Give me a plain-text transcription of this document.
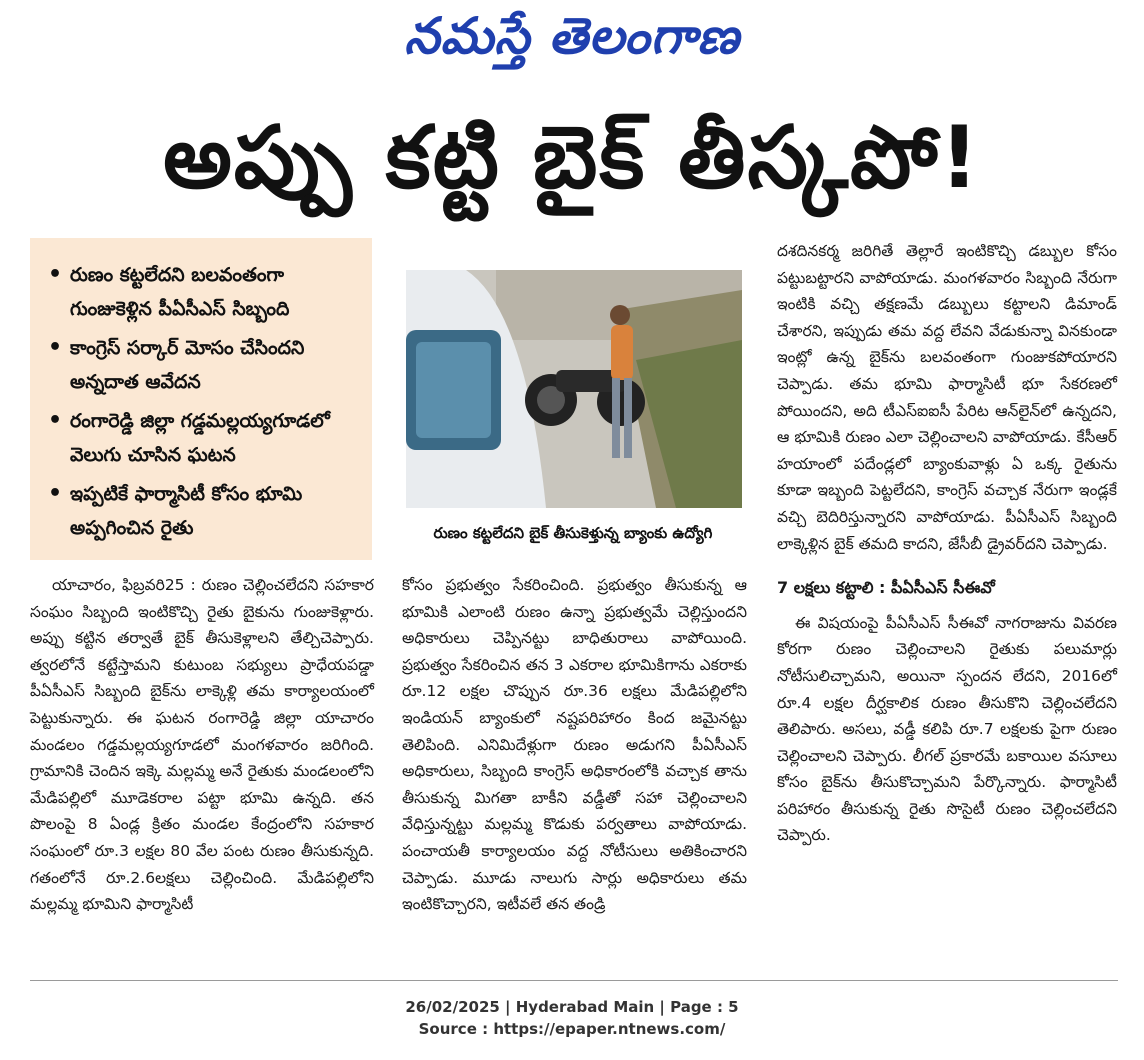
నమస్తే తెలంగాణ
అప్పు కట్టి బైక్ తీస్కపో!
• రుణం కట్టలేదని బలవంతంగా గుంజుకెళ్లిన పీఏసీఎస్ సిబ్బంది
• కాంగ్రెస్ సర్కార్ మోసం చేసిందని అన్నదాత ఆవేదన
• రంగారెడ్డి జిల్లా గడ్డమల్లయ్యగూడలో వెలుగు చూసిన ఘటన
• ఇప్పటికే ఫార్మాసిటీ కోసం భూమి అప్పగించిన రైతు	రుణం కట్టలేదని బైక్ తీసుకెళ్తున్న బ్యాంకు ఉద్యోగి

యాచారం, ఫిబ్రవరి25 : రుణం చెల్లించలేదని సహకార సంఘం సిబ్బంది ఇంటికొచ్చి రైతు బైకును గుంజుకెళ్లారు. అప్పు కట్టిన తర్వాతే బైక్ తీసుకెళ్లాలని తేల్చిచెప్పారు. త్వరలోనే కట్టేస్తామని కుటుంబ సభ్యులు ప్రాధేయపడ్డా పీఏసీఎస్ సిబ్బంది బైక్‌ను లాక్కెళ్లి తమ కార్యాలయంలో పెట్టుకున్నారు. ఈ ఘటన రంగారెడ్డి జిల్లా యాచారం మండలం గడ్డమల్లయ్యగూడలో మంగళవారం జరిగింది. గ్రామానికి చెందిన ఇక్కె మల్లమ్మ అనే రైతుకు మండలంలోని మేడిపల్లిలో మూడెకరాల పట్టా భూమి ఉన్నది. తన పొలంపై 8 ఏండ్ల క్రితం మండల కేంద్రంలోని సహకార సంఘంలో రూ.3 లక్షల 80 వేల పంట రుణం తీసుకున్నది. గతంలోనే రూ.2.6లక్షలు చెల్లించింది. మేడిపల్లిలోని మల్లమ్మ భూమిని ఫార్మాసిటీ

కోసం ప్రభుత్వం సేకరించింది. ప్రభుత్వం తీసుకున్న ఆ భూమికి ఎలాంటి రుణం ఉన్నా ప్రభుత్వమే చెల్లిస్తుందని అధికారులు చెప్పినట్టు బాధితురాలు వాపోయింది. ప్రభుత్వం సేకరించిన తన 3 ఎకరాల భూమికిగాను ఎకరాకు రూ.12 లక్షల చొప్పున రూ.36 లక్షలు మేడిపల్లిలోని ఇండియన్ బ్యాంకులో నష్టపరిహారం కింద జమైనట్టు తెలిపింది. ఎనిమిదేళ్లుగా రుణం అడుగని పీఏసీఎస్ అధికారులు, సిబ్బంది కాంగ్రెస్ అధికారంలోకి వచ్చాక తాను తీసుకున్న మిగతా బాకీని వడ్డీతో సహా చెల్లించాలని వేధిస్తున్నట్టు మల్లమ్మ కొడుకు పర్వతాలు వాపోయాడు. పంచాయతీ కార్యాలయం వద్ద నోటీసులు అతికించారని చెప్పాడు. మూడు నాలుగు సార్లు అధికారులు తమ ఇంటికొచ్చారని, ఇటీవలే తన తండ్రి

దశదినకర్మ జరిగితే తెల్లారే ఇంటికొచ్చి డబ్బుల కోసం పట్టుబట్టారని వాపోయాడు. మంగళవారం సిబ్బంది నేరుగా ఇంటికి వచ్చి తక్షణమే డబ్బులు కట్టాలని డిమాండ్ చేశారని, ఇప్పుడు తమ వద్ద లేవని వేడుకున్నా వినకుండా ఇంట్లో ఉన్న బైక్‌ను బలవంతంగా గుంజుకపోయారని చెప్పాడు. తమ భూమి ఫార్మాసిటీ భూ సేకరణలో పోయిందని, అది టీఎస్ఐఐసీ పేరిట ఆన్‌లైన్‌లో ఉన్నదని, ఆ భూమికి రుణం ఎలా చెల్లించాలని వాపోయాడు. కేసీఆర్ హయాంలో పదేండ్లలో బ్యాంకువాళ్లు ఏ ఒక్క రైతును కూడా ఇబ్బంది పెట్టలేదని, కాంగ్రెస్ వచ్చాక నేరుగా ఇండ్లకే వచ్చి బెదిరిస్తున్నారని వాపోయాడు. పీఏసీఎస్ సిబ్బంది లాక్కెళ్లిన బైక్ తమది కాదని, జేసీబీ డ్రైవర్‌దని చెప్పాడు.

7 లక్షలు కట్టాలి : పీఏసీఎస్ సీఈవో

ఈ విషయంపై పీఏసీఎస్ సీఈవో నాగరాజును వివరణ కోరగా రుణం చెల్లించాలని రైతుకు పలుమార్లు నోటీసులిచ్చామని, అయినా స్పందన లేదని, 2016లో రూ.4 లక్షల దీర్ఘకాలిక రుణం తీసుకొని చెల్లించలేదని తెలిపారు. అసలు, వడ్డీ కలిపి రూ.7 లక్షలకు పైగా రుణం చెల్లించాలని చెప్పారు. లీగల్ ప్రకారమే బకాయిల వసూలు కోసం బైక్‌ను తీసుకొచ్చామని పేర్కొన్నారు. ఫార్మాసిటీ పరిహారం తీసుకున్న రైతు సొసైటీ రుణం చెల్లించలేదని చెప్పారు.

26/02/2025 | Hyderabad Main | Page : 5
Source : https://epaper.ntnews.com/
